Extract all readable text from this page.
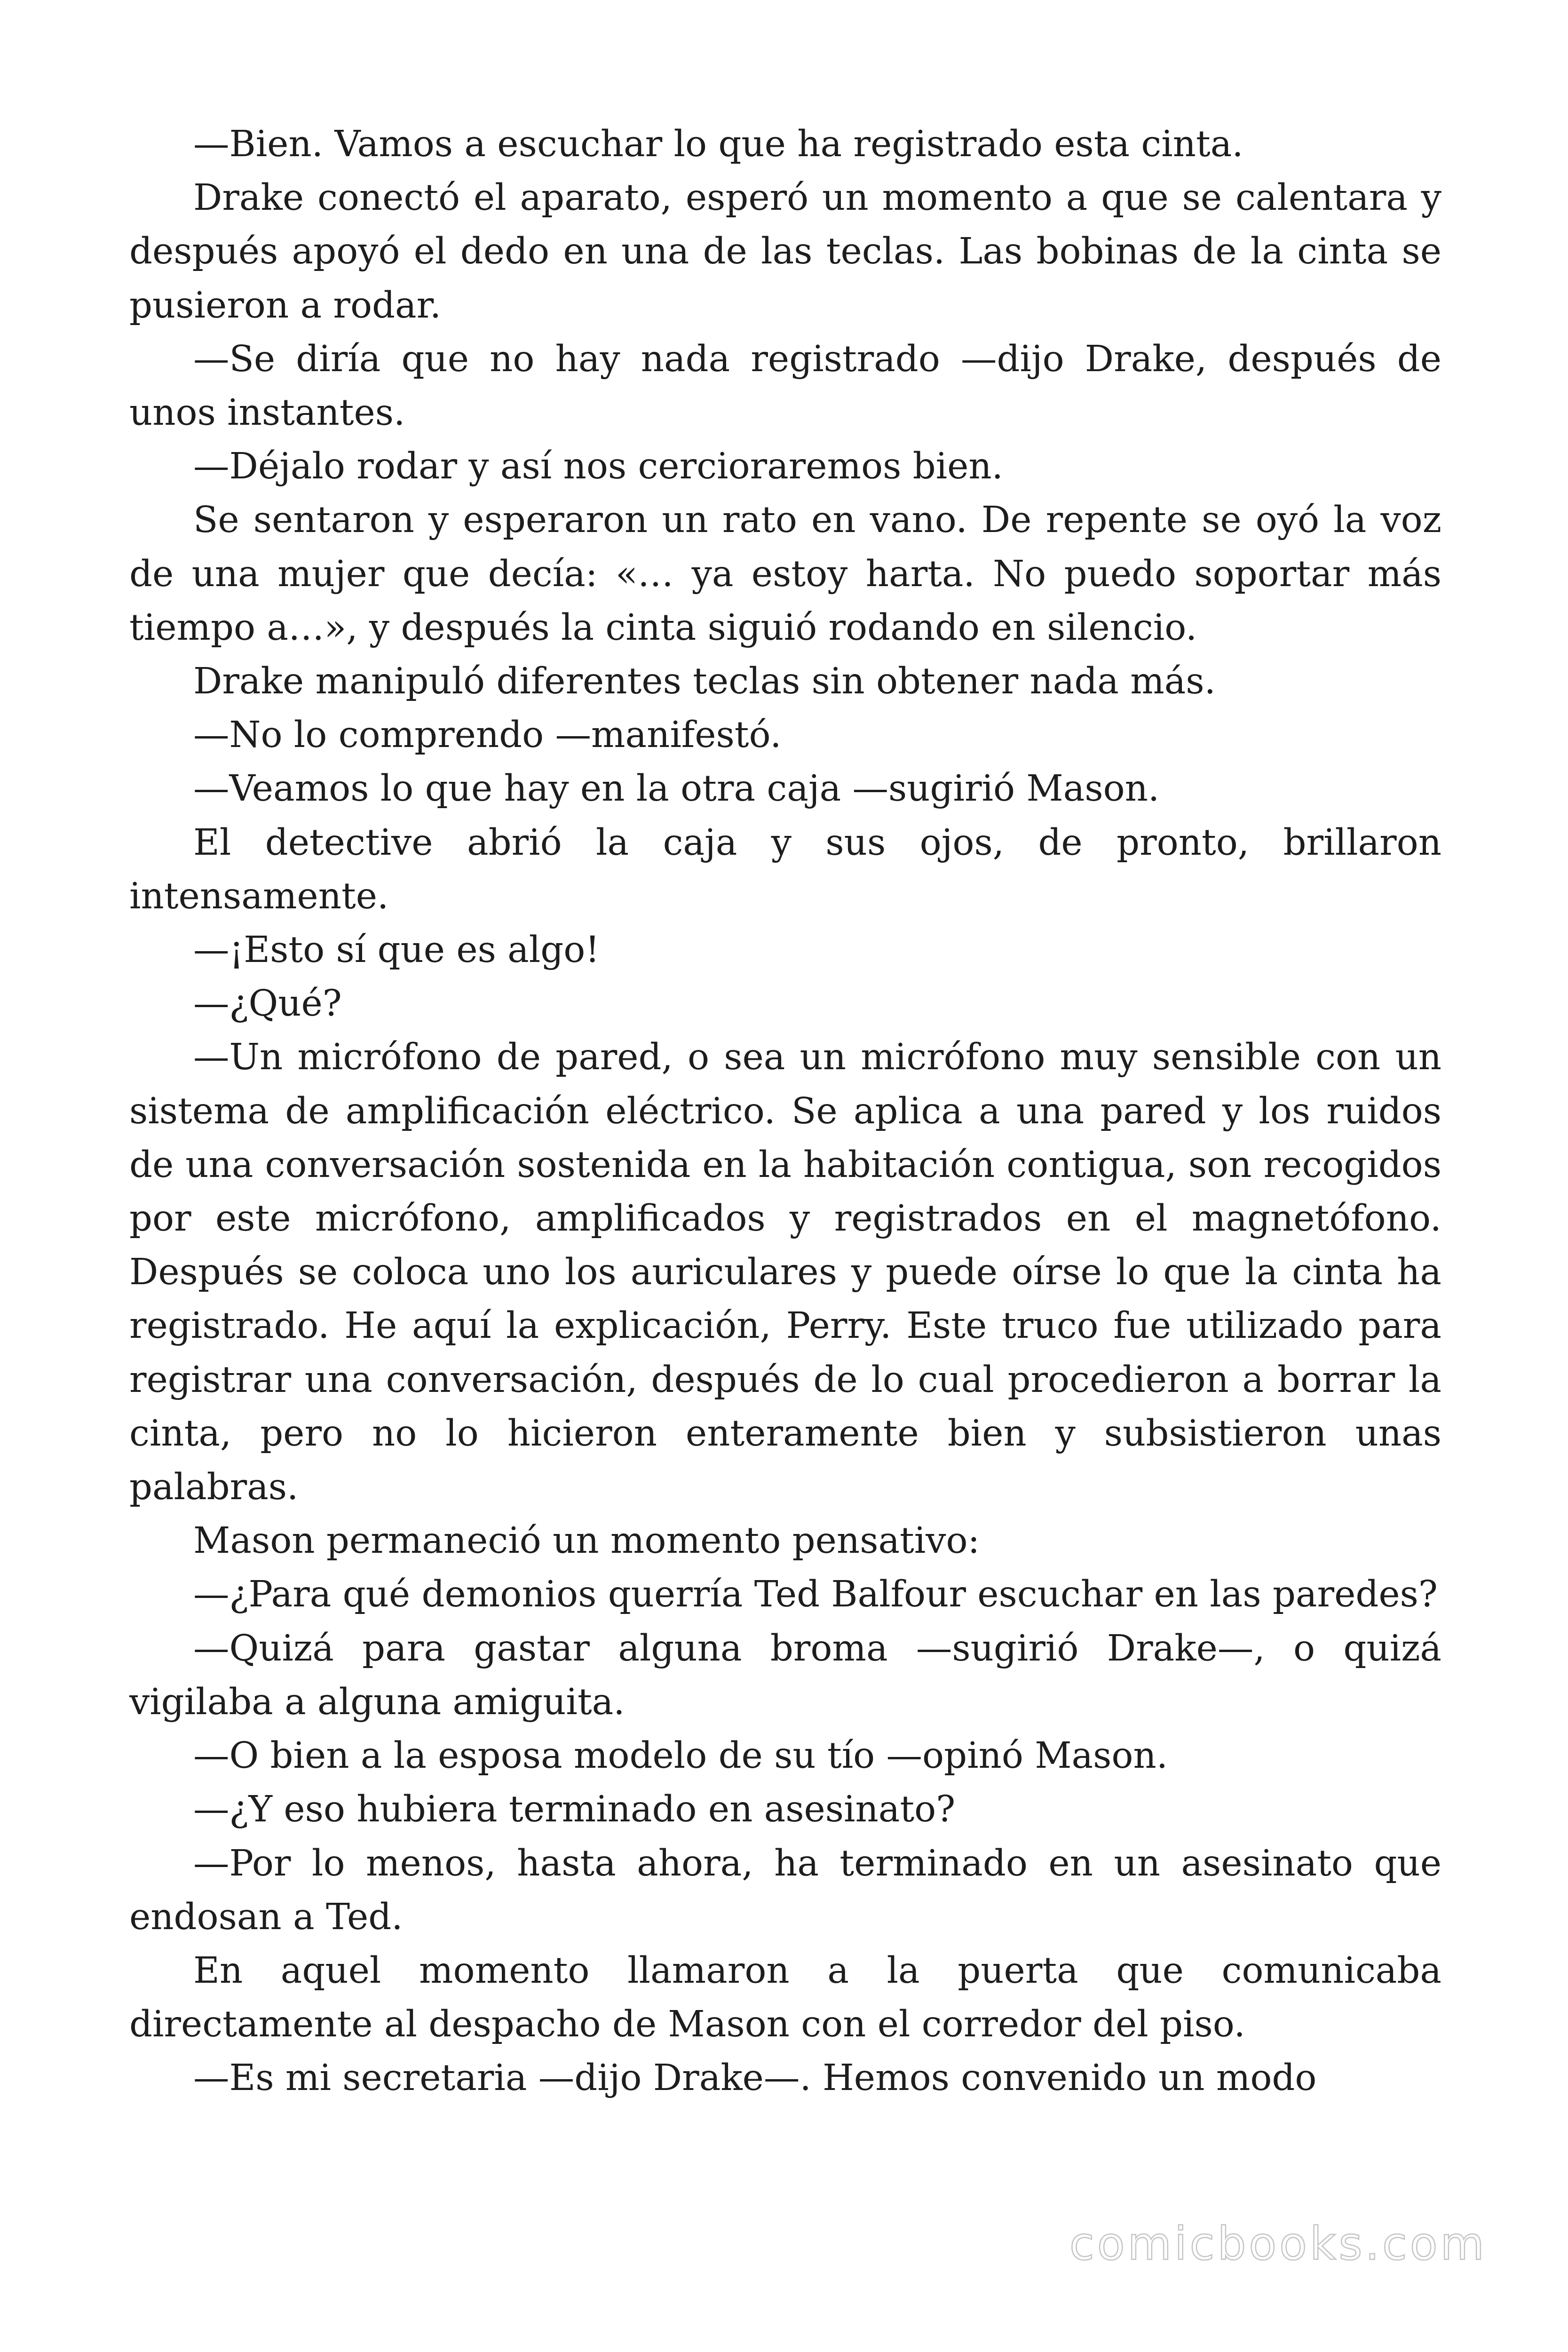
—Bien. Vamos a escuchar lo que ha registrado esta cinta.

Drake conectó el aparato, esperó un momento a que se calentara y después apoyó el dedo en una de las teclas. Las bobinas de la cinta se pusieron a rodar.

—Se diría que no hay nada registrado —dijo Drake, después de unos instantes.

—Déjalo rodar y así nos cercioraremos bien.

Se sentaron y esperaron un rato en vano. De repente se oyó la voz de una mujer que decía: «… ya estoy harta. No puedo soportar más tiempo a…», y después la cinta siguió rodando en silencio.

Drake manipuló diferentes teclas sin obtener nada más.

—No lo comprendo —manifestó.

—Veamos lo que hay en la otra caja —sugirió Mason.

El detective abrió la caja y sus ojos, de pronto, brillaron intensamente.

—¡Esto sí que es algo!

—¿Qué?

—Un micrófono de pared, o sea un micrófono muy sensible con un sistema de amplificación eléctrico. Se aplica a una pared y los ruidos de una conversación sostenida en la habitación contigua, son recogidos por este micrófono, amplificados y registrados en el magnetófono. Después se coloca uno los auriculares y puede oírse lo que la cinta ha registrado. He aquí la explicación, Perry. Este truco fue utilizado para registrar una conversación, después de lo cual procedieron a borrar la cinta, pero no lo hicieron enteramente bien y subsistieron unas palabras.

Mason permaneció un momento pensativo:

—¿Para qué demonios querría Ted Balfour escuchar en las paredes?

—Quizá para gastar alguna broma —sugirió Drake—, o quizá vigilaba a alguna amiguita.

—O bien a la esposa modelo de su tío —opinó Mason.

—¿Y eso hubiera terminado en asesinato?

—Por lo menos, hasta ahora, ha terminado en un asesinato que endosan a Ted.

En aquel momento llamaron a la puerta que comunicaba directamente al despacho de Mason con el corredor del piso.

—Es mi secretaria —dijo Drake—. Hemos convenido un modo

comicbooks.com
